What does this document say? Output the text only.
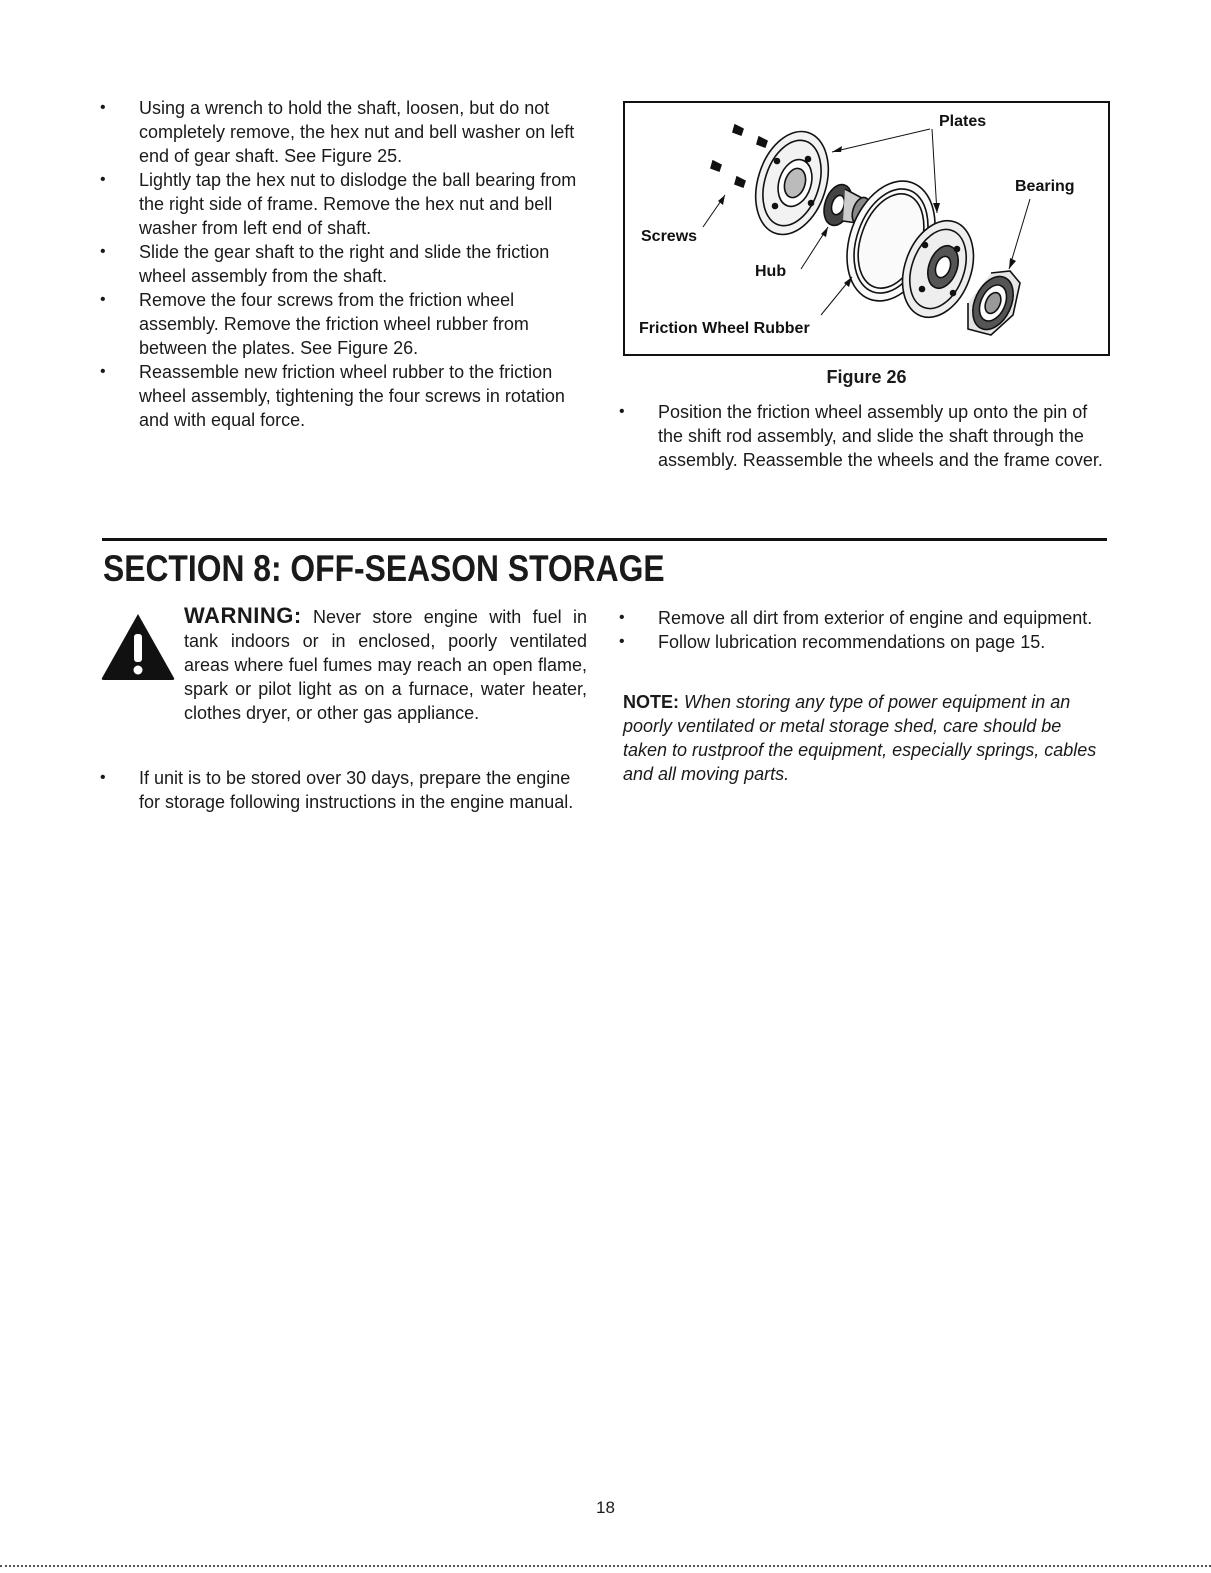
• Using a wrench to hold the shaft, loosen, but do not completely remove, the hex nut and bell washer on left end of gear shaft. See Figure 25.
• Lightly tap the hex nut to dislodge the ball bearing from the right side of frame. Remove the hex nut and bell washer from left end of shaft.
• Slide the gear shaft to the right and slide the friction wheel assembly from the shaft.
• Remove the four screws from the friction wheel assembly. Remove the friction wheel rubber from between the plates. See Figure 26.
• Reassemble new friction wheel rubber to the friction wheel assembly, tightening the four screws in rotation and with equal force.
Plates
Bearing
Screws
Hub
Friction Wheel Rubber
Figure 26
• Position the friction wheel assembly up onto the pin of the shift rod assembly, and slide the shaft through the assembly. Reassemble the wheels and the frame cover.
SECTION 8: OFF-SEASON STORAGE
WARNING: Never store engine with fuel in tank indoors or in enclosed, poorly ventilated areas where fuel fumes may reach an open flame, spark or pilot light as on a furnace, water heater, clothes dryer, or other gas appliance.
• If unit is to be stored over 30 days, prepare the engine for storage following instructions in the engine manual.
• Remove all dirt from exterior of engine and equipment.
• Follow lubrication recommendations on page 15.
NOTE: When storing any type of power equipment in an poorly ventilated or metal storage shed, care should be taken to rustproof the equipment, especially springs, cables and all moving parts.
18
